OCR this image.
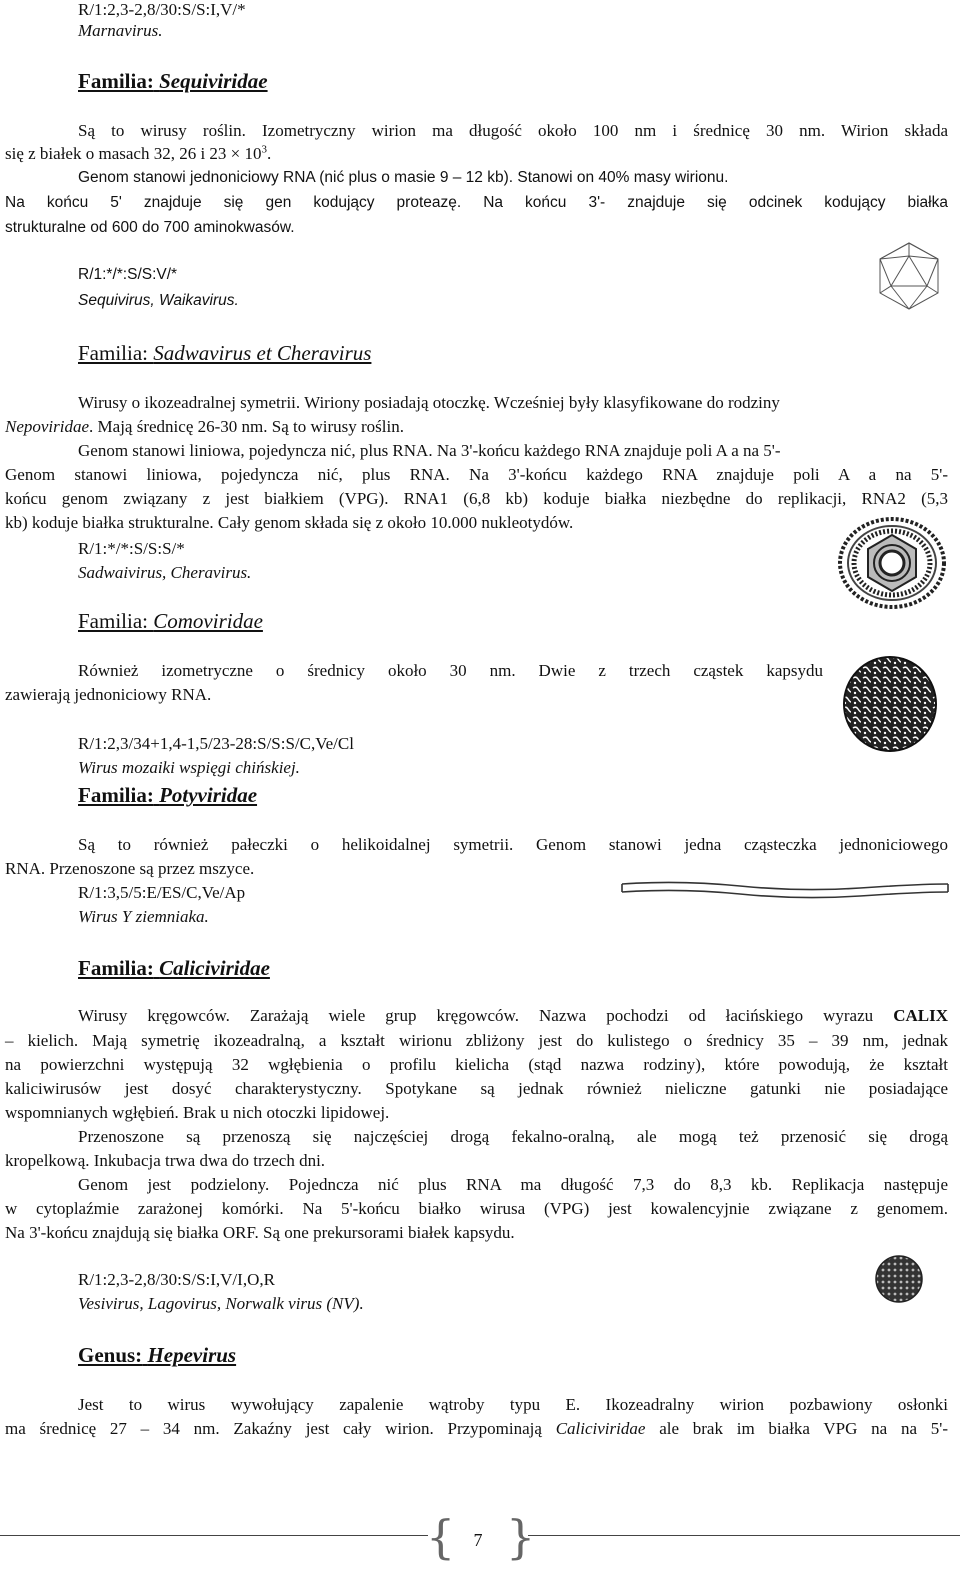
R/1:2,3-2,8/30:S/S:I,V/*
Marnavirus.
Familia: Sequiviridae
Są to wirusy roślin. Izometryczny wirion ma długość około 100 nm i średnicę 30 nm. Wirion składa
się z białek o masach 32, 26 i $23 \times 10^3$.
Genom stanowi jednoniciowy RNA (nić plus o masie 9 – 12 kb). Stanowi on 40% masy wirionu.
Na końcu 5' znajduje się gen kodujący proteazę. Na końcu 3'- znajduje się odcinek kodujący białka
strukturalne od 600 do 700 aminokwasów.
R/1:*/*:S/S:V/*
Sequivirus, Waikavirus.
Familia: Sadwavirus et Cheravirus
Wirusy o ikozeadralnej symetrii. Wiriony posiadają otoczkę. Wcześniej były klasyfikowane do rodziny
Nepoviridae. Mają średnicę 26-30 nm. Są to wirusy roślin.
Genom stanowi liniowa, pojedyncza nić, plus RNA. Na 3'-końcu każdego RNA znajduje poli A a na 5'-
Genom stanowi liniowa, pojedyncza nić, plus RNA. Na 3'-końcu każdego RNA znajduje poli A a na 5'-
końcu genom związany z jest białkiem (VPG). RNA1 (6,8 kb) koduje białka niezbędne do replikacji, RNA2 (5,3
kb) koduje białka strukturalne. Cały genom składa się z około 10.000 nukleotydów.
R/1:*/*:S/S:S/*
Sadwaivirus, Cheravirus.
Familia: Comoviridae
Również izometryczne o średnicy około 30 nm. Dwie z trzech cząstek kapsydu
zawierają jednoniciowy RNA.
R/1:2,3/34+1,4-1,5/23-28:S/S:S/C,Ve/Cl
Wirus mozaiki wspięgi chińskiej.
Familia: Potyviridae
Są to również pałeczki o helikoidalnej symetrii. Genom stanowi jedna cząsteczka jednoniciowego
RNA. Przenoszone są przez mszyce.
R/1:3,5/5:E/ES/C,Ve/Ap
Wirus Y ziemniaka.
Familia: Caliciviridae
Wirusy kręgowców. Zarażają wiele grup kręgowców. Nazwa pochodzi od łacińskiego wyrazu CALIX
– kielich. Mają symetrię ikozeadralną, a kształt wirionu zbliżony jest do kulistego o średnicy 35 – 39 nm, jednak
na powierzchni występują 32 wgłębienia o profilu kielicha (stąd nazwa rodziny), które powodują, że kształt
kaliciwirusów jest dosyć charakterystyczny. Spotykane są jednak również nieliczne gatunki nie posiadające
wspomnianych wgłębień. Brak u nich otoczki lipidowej.
Przenoszone są przenoszą się najczęściej drogą fekalno-oralną, ale mogą też przenosić się drogą
kropelkową. Inkubacja trwa dwa do trzech dni.
Genom jest podzielony. Pojedncza nić plus RNA ma długość 7,3 do 8,3 kb. Replikacja następuje
w cytoplaźmie zarażonej komórki. Na 5'-końcu białko wirusa (VPG) jest kowalencyjnie związane z genomem.
Na 3'-końcu znajdują się białka ORF. Są one prekursorami białek kapsydu.
R/1:2,3-2,8/30:S/S:I,V/I,O,R
Vesivirus, Lagovirus, Norwalk virus (NV).
Genus: Hepevirus
Jest to wirus wywołujący zapalenie wątroby typu E. Ikozeadralny wirion pozbawiony osłonki
ma średnicę 27 – 34 nm. Zakaźny jest cały wirion. Przypominają Caliciviridae ale brak im białka VPG na na 5'-
{ }
7
